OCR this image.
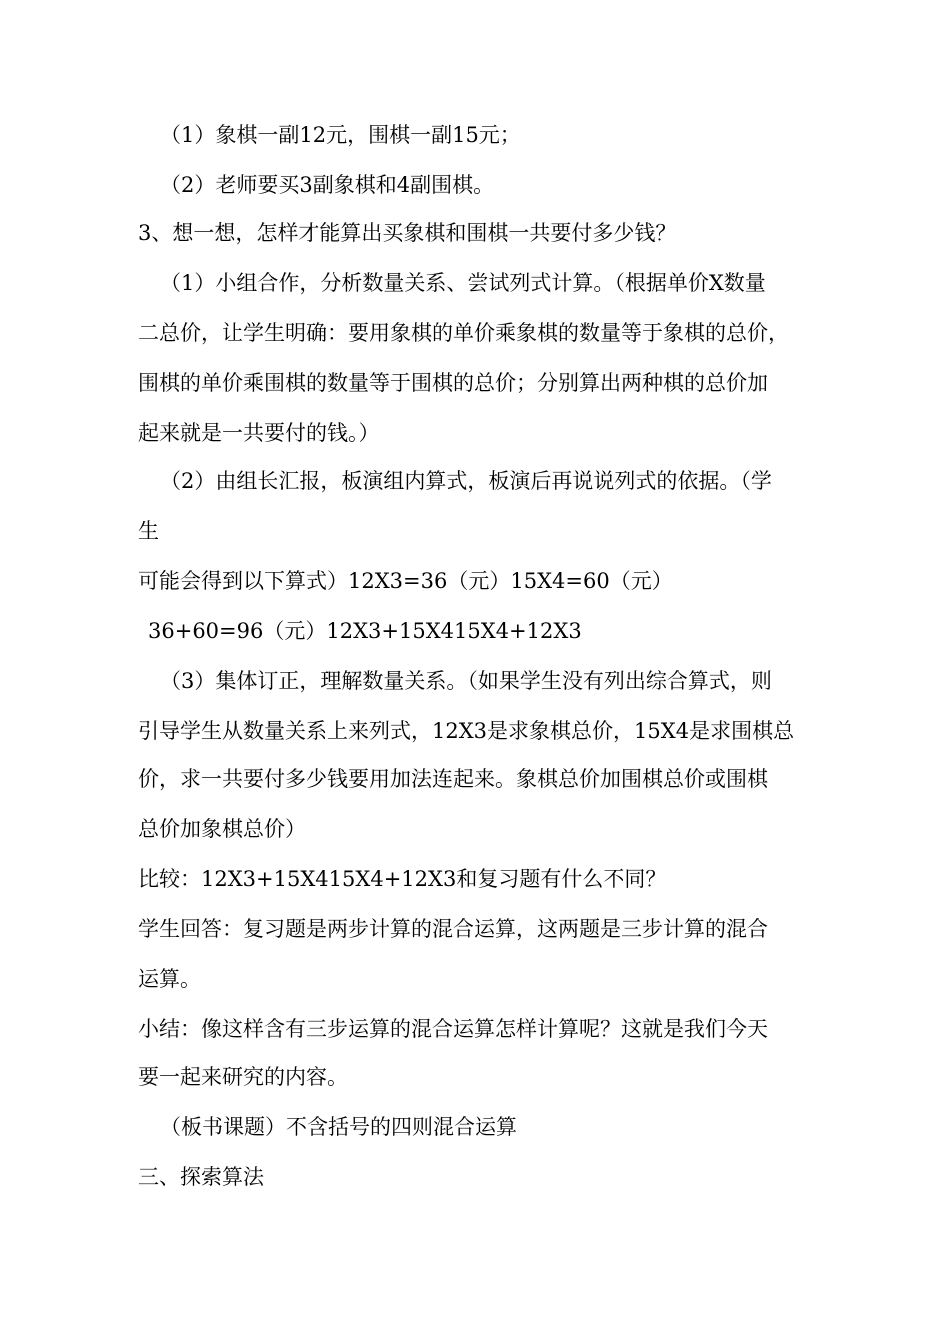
（1）象棋一副12元，围棋一副15元；
（2）老师要买3副象棋和4副围棋。
3、想一想，怎样才能算出买象棋和围棋一共要付多少钱？
（1）小组合作，分析数量关系、尝试列式计算。（根据单价X数量
二总价，让学生明确：要用象棋的单价乘象棋的数量等于象棋的总价，
围棋的单价乘围棋的数量等于围棋的总价；分别算出两种棋的总价加
起来就是一共要付的钱。）
（2）由组长汇报，板演组内算式，板演后再说说列式的依据。（学
生
可能会得到以下算式）12X3=36（元）15X4=60（元）
36+60=96（元）12X3+15X415X4+12X3
（3）集体订正，理解数量关系。（如果学生没有列出综合算式，则
引导学生从数量关系上来列式，12X3是求象棋总价，15X4是求围棋总
价，求一共要付多少钱要用加法连起来。象棋总价加围棋总价或围棋
总价加象棋总价）
比较：12X3+15X415X4+12X3和复习题有什么不同？
学生回答：复习题是两步计算的混合运算，这两题是三步计算的混合
运算。
小结：像这样含有三步运算的混合运算怎样计算呢？这就是我们今天
要一起来研究的内容。
（板书课题）不含括号的四则混合运算
三、探索算法
